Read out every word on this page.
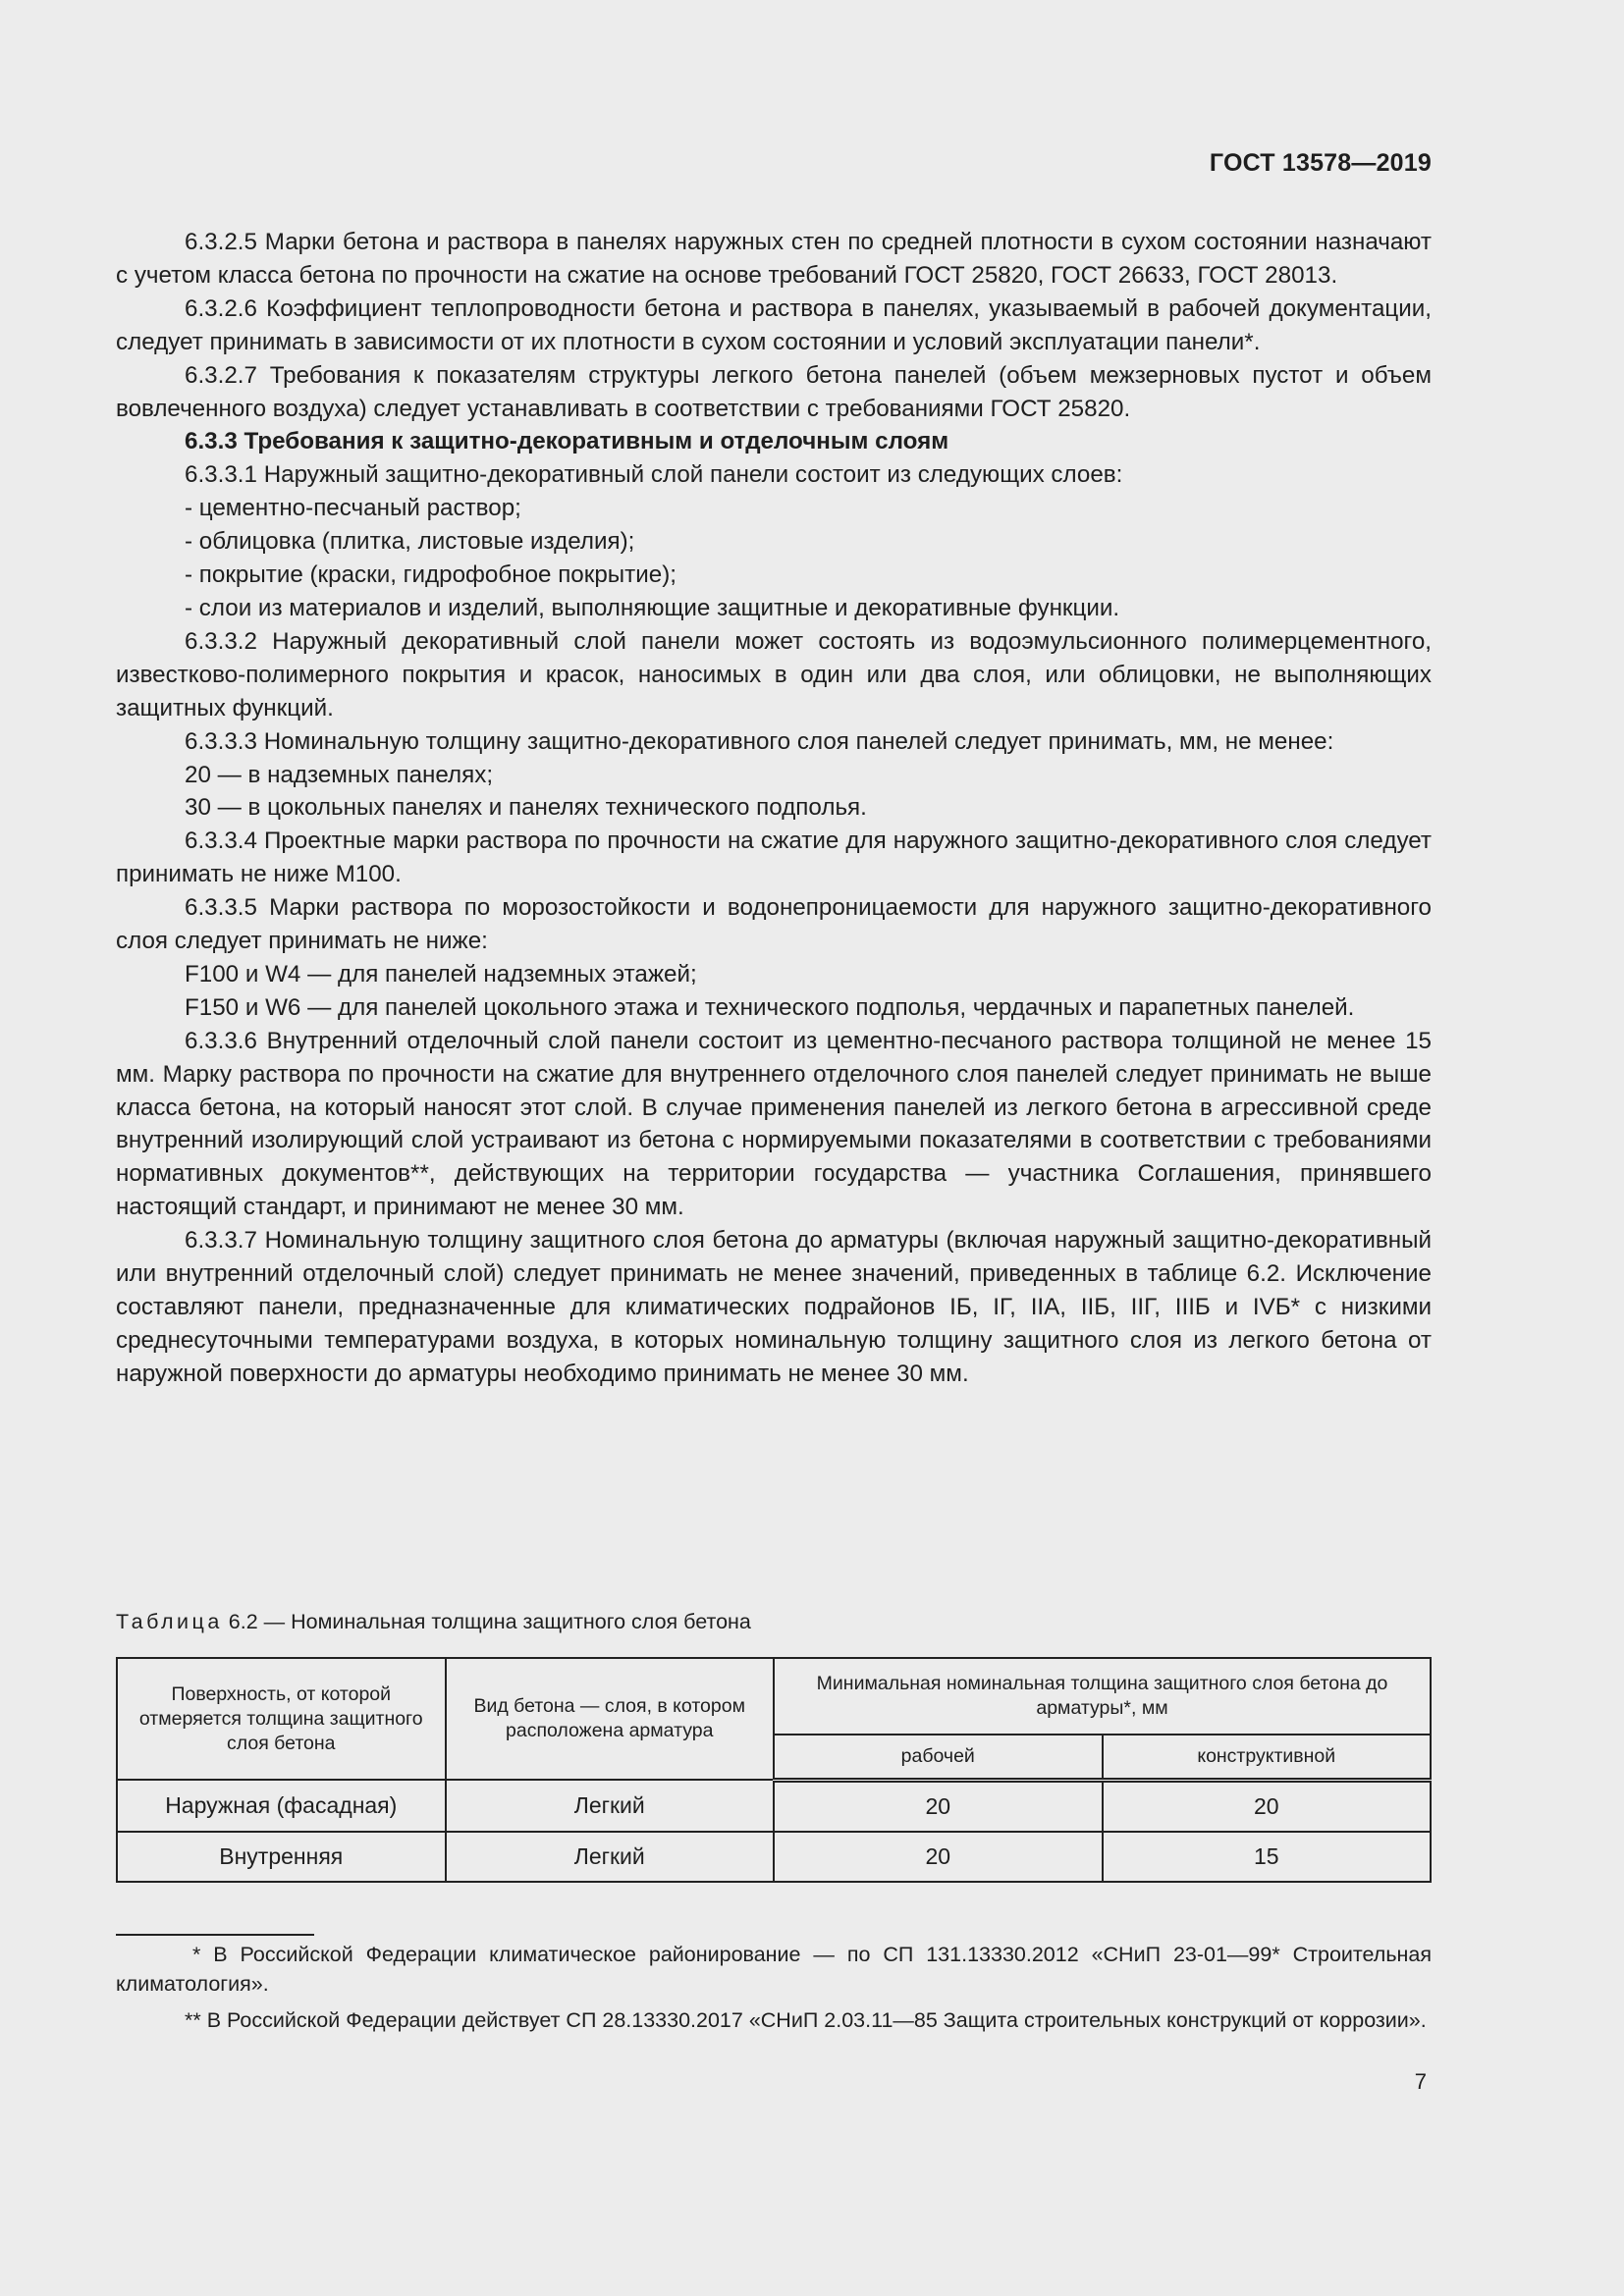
ГОСТ 13578—2019

6.3.2.5 Марки бетона и раствора в панелях наружных стен по средней плотности в сухом состоянии назначают с учетом класса бетона по прочности на сжатие на основе требований ГОСТ 25820, ГОСТ 26633, ГОСТ 28013.

6.3.2.6 Коэффициент теплопроводности бетона и раствора в панелях, указываемый в рабочей документации, следует принимать в зависимости от их плотности в сухом состоянии и условий эксплуатации панели*.

6.3.2.7 Требования к показателям структуры легкого бетона панелей (объем межзерновых пустот и объем вовлеченного воздуха) следует устанавливать в соответствии с требованиями ГОСТ 25820.

6.3.3 Требования к защитно-декоративным и отделочным слоям

6.3.3.1 Наружный защитно-декоративный слой панели состоит из следующих слоев:

- цементно-песчаный раствор;

- облицовка (плитка, листовые изделия);

- покрытие (краски, гидрофобное покрытие);

- слои из материалов и изделий, выполняющие защитные и декоративные функции.

6.3.3.2 Наружный декоративный слой панели может состоять из водоэмульсионного полимерцементного, известково-полимерного покрытия и красок, наносимых в один или два слоя, или облицовки, не выполняющих защитных функций.

6.3.3.3 Номинальную толщину защитно-декоративного слоя панелей следует принимать, мм, не менее:

20 — в надземных панелях;

30 — в цокольных панелях и панелях технического подполья.

6.3.3.4 Проектные марки раствора по прочности на сжатие для наружного защитно-декоративного слоя следует принимать не ниже М100.

6.3.3.5 Марки раствора по морозостойкости и водонепроницаемости для наружного защитно-декоративного слоя следует принимать не ниже:

F100 и W4 — для панелей надземных этажей;

F150 и W6 — для панелей цокольного этажа и технического подполья, чердачных и парапетных панелей.

6.3.3.6 Внутренний отделочный слой панели состоит из цементно-песчаного раствора толщиной не менее 15 мм. Марку раствора по прочности на сжатие для внутреннего отделочного слоя панелей следует принимать не выше класса бетона, на который наносят этот слой. В случае применения панелей из легкого бетона в агрессивной среде внутренний изолирующий слой устраивают из бетона с нормируемыми показателями в соответствии с требованиями нормативных документов**, действующих на территории государства — участника Соглашения, принявшего настоящий стандарт, и принимают не менее 30 мм.

6.3.3.7 Номинальную толщину защитного слоя бетона до арматуры (включая наружный защитно-декоративный или внутренний отделочный слой) следует принимать не менее значений, приведенных в таблице 6.2. Исключение составляют панели, предназначенные для климатических подрайонов IБ, IГ, IIА, IIБ, IIГ, IIIБ и IVБ* с низкими среднесуточными температурами воздуха, в которых номинальную толщину защитного слоя из легкого бетона от наружной поверхности до арматуры необходимо принимать не менее 30 мм.

Таблица 6.2 — Номинальная толщина защитного слоя бетона
Поверхность, от которой отмеряется толщина защитного слоя бетона	Вид бетона — слоя, в котором расположена арматура	Минимальная номинальная толщина защитного слоя бетона до арматуры*, мм	
		рабочей	конструктивной
Наружная (фасадная)	Легкий	20	20
Внутренняя	Легкий	20	15

* В Российской Федерации климатическое районирование — по СП 131.13330.2012 «СНиП 23-01—99* Строительная климатология».

** В Российской Федерации действует СП 28.13330.2017 «СНиП 2.03.11—85 Защита строительных конструкций от коррозии».

7
